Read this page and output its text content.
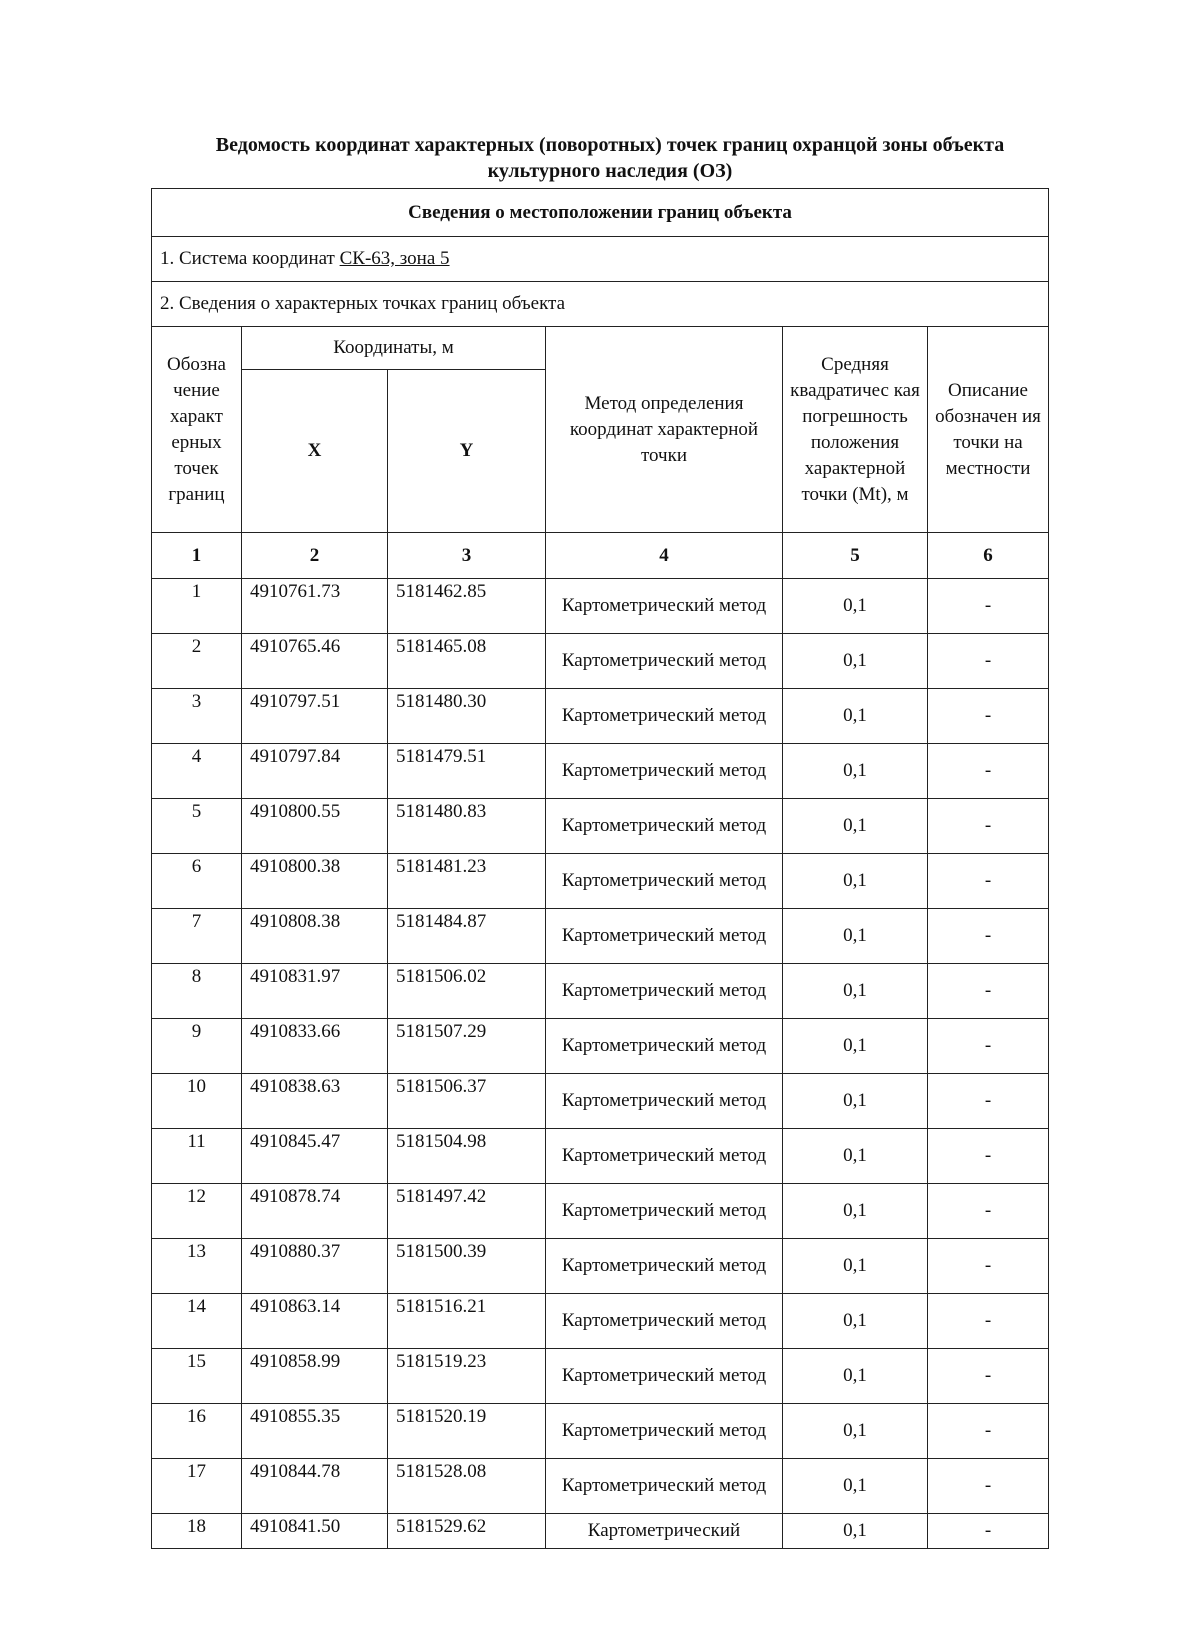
Ведомость координат характерных (поворотных) точек границ охранцой зоны объекта культурного наследия (ОЗ)
Сведения о местоположении границ объекта					
1. Система координат СК-63, зона 5					
2. Сведения о характерных точках границ объекта					
Обозна чение характ ерных точек границ	Координаты, м		Метод определения координат характерной точки	Средняя квадратичес кая погрешность положения характерной точки (Mt), м	Описание обозначен ия точки на местности
	X	Y			
1	2	3	4	5	6
1	4910761.73	5181462.85	Картометрический метод	0,1	-
2	4910765.46	5181465.08	Картометрический метод	0,1	-
3	4910797.51	5181480.30	Картометрический метод	0,1	-
4	4910797.84	5181479.51	Картометрический метод	0,1	-
5	4910800.55	5181480.83	Картометрический метод	0,1	-
6	4910800.38	5181481.23	Картометрический метод	0,1	-
7	4910808.38	5181484.87	Картометрический метод	0,1	-
8	4910831.97	5181506.02	Картометрический метод	0,1	-
9	4910833.66	5181507.29	Картометрический метод	0,1	-
10	4910838.63	5181506.37	Картометрический метод	0,1	-
11	4910845.47	5181504.98	Картометрический метод	0,1	-
12	4910878.74	5181497.42	Картометрический метод	0,1	-
13	4910880.37	5181500.39	Картометрический метод	0,1	-
14	4910863.14	5181516.21	Картометрический метод	0,1	-
15	4910858.99	5181519.23	Картометрический метод	0,1	-
16	4910855.35	5181520.19	Картометрический метод	0,1	-
17	4910844.78	5181528.08	Картометрический метод	0,1	-
18	4910841.50	5181529.62	Картометрический	0,1	-
